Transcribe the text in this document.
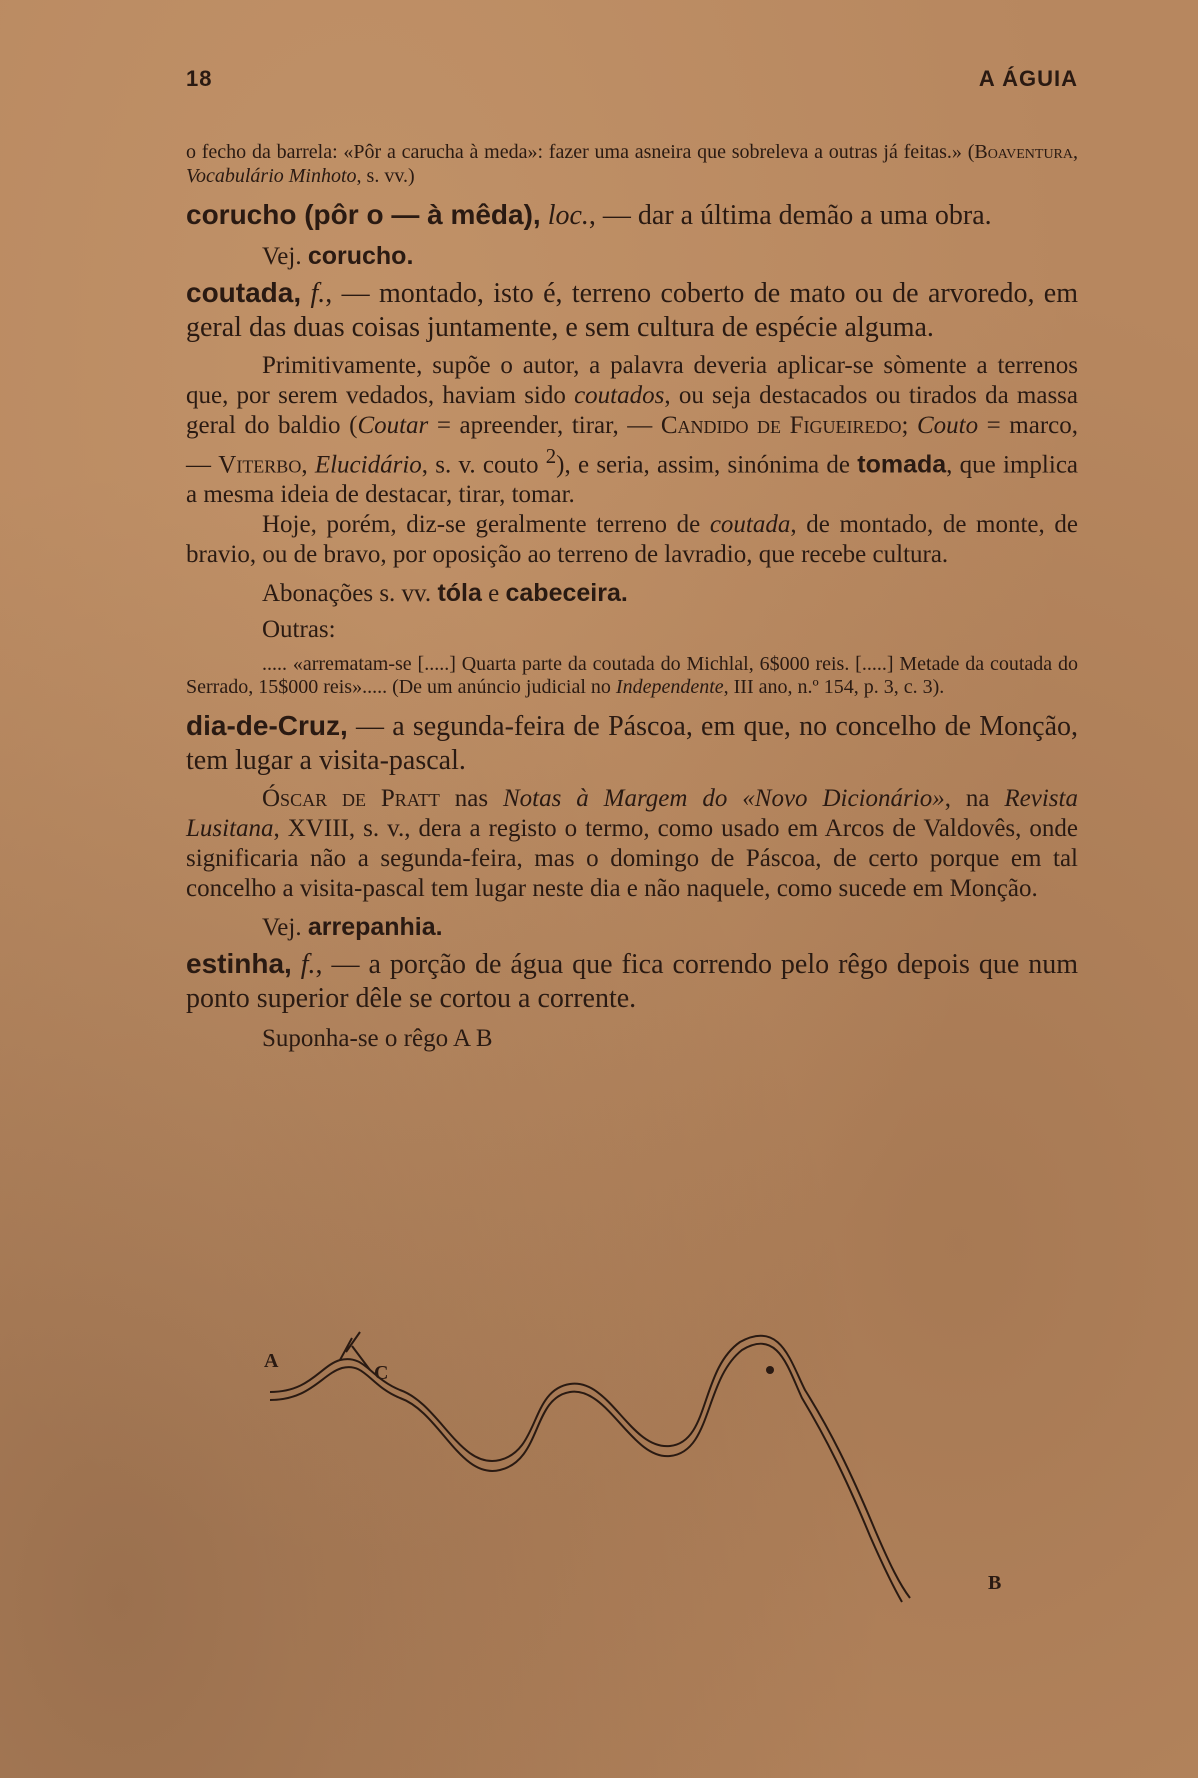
18	A ÁGUIA

o fecho da barrela: «Pôr a carucha à meda»: fazer uma asneira que sobreleva a outras já feitas.» (Boaventura, Vocabulário Minhoto, s. vv.)

corucho (pôr o — à mêda), loc., — dar a última demão a uma obra.

Vej. corucho.

coutada, f., — montado, isto é, terreno coberto de mato ou de arvoredo, em geral das duas coisas juntamente, e sem cultura de espécie alguma.

Primitivamente, supõe o autor, a palavra deveria aplicar-se sòmente a terrenos que, por serem vedados, haviam sido coutados, ou seja destacados ou tirados da massa geral do baldio (Coutar = apreender, tirar, — Candido de Figueiredo; Couto = marco, — Viterbo, Elucidário, s. v. couto $^2$), e seria, assim, sinónima de tomada, que implica a mesma ideia de destacar, tirar, tomar.

Hoje, porém, diz-se geralmente terreno de coutada, de montado, de monte, de bravio, ou de bravo, por oposição ao terreno de lavradio, que recebe cultura.

Abonações s. vv. tóla e cabeceira.

Outras:

..... «arrematam-se [.....] Quarta parte da coutada do Michlal, 6$000 reis. [.....] Metade da coutada do Serrado, 15$000 reis»..... (De um anúncio judicial no Independente, III ano, n.º 154, p. 3, c. 3).

dia-de-Cruz, — a segunda-feira de Páscoa, em que, no concelho de Monção, tem lugar a visita-pascal.

Óscar de Pratt nas Notas à Margem do «Novo Dicionário», na Revista Lusitana, XVIII, s. v., dera a registo o termo, como usado em Arcos de Valdovês, onde significaria não a segunda-feira, mas o domingo de Páscoa, de certo porque em tal concelho a visita-pascal tem lugar neste dia e não naquele, como sucede em Monção.

Vej. arrepanhia.

estinha, f., — a porção de água que fica correndo pelo rêgo depois que num ponto superior dêle se cortou a corrente.

Suponha-se o rêgo A B

A
C
B
